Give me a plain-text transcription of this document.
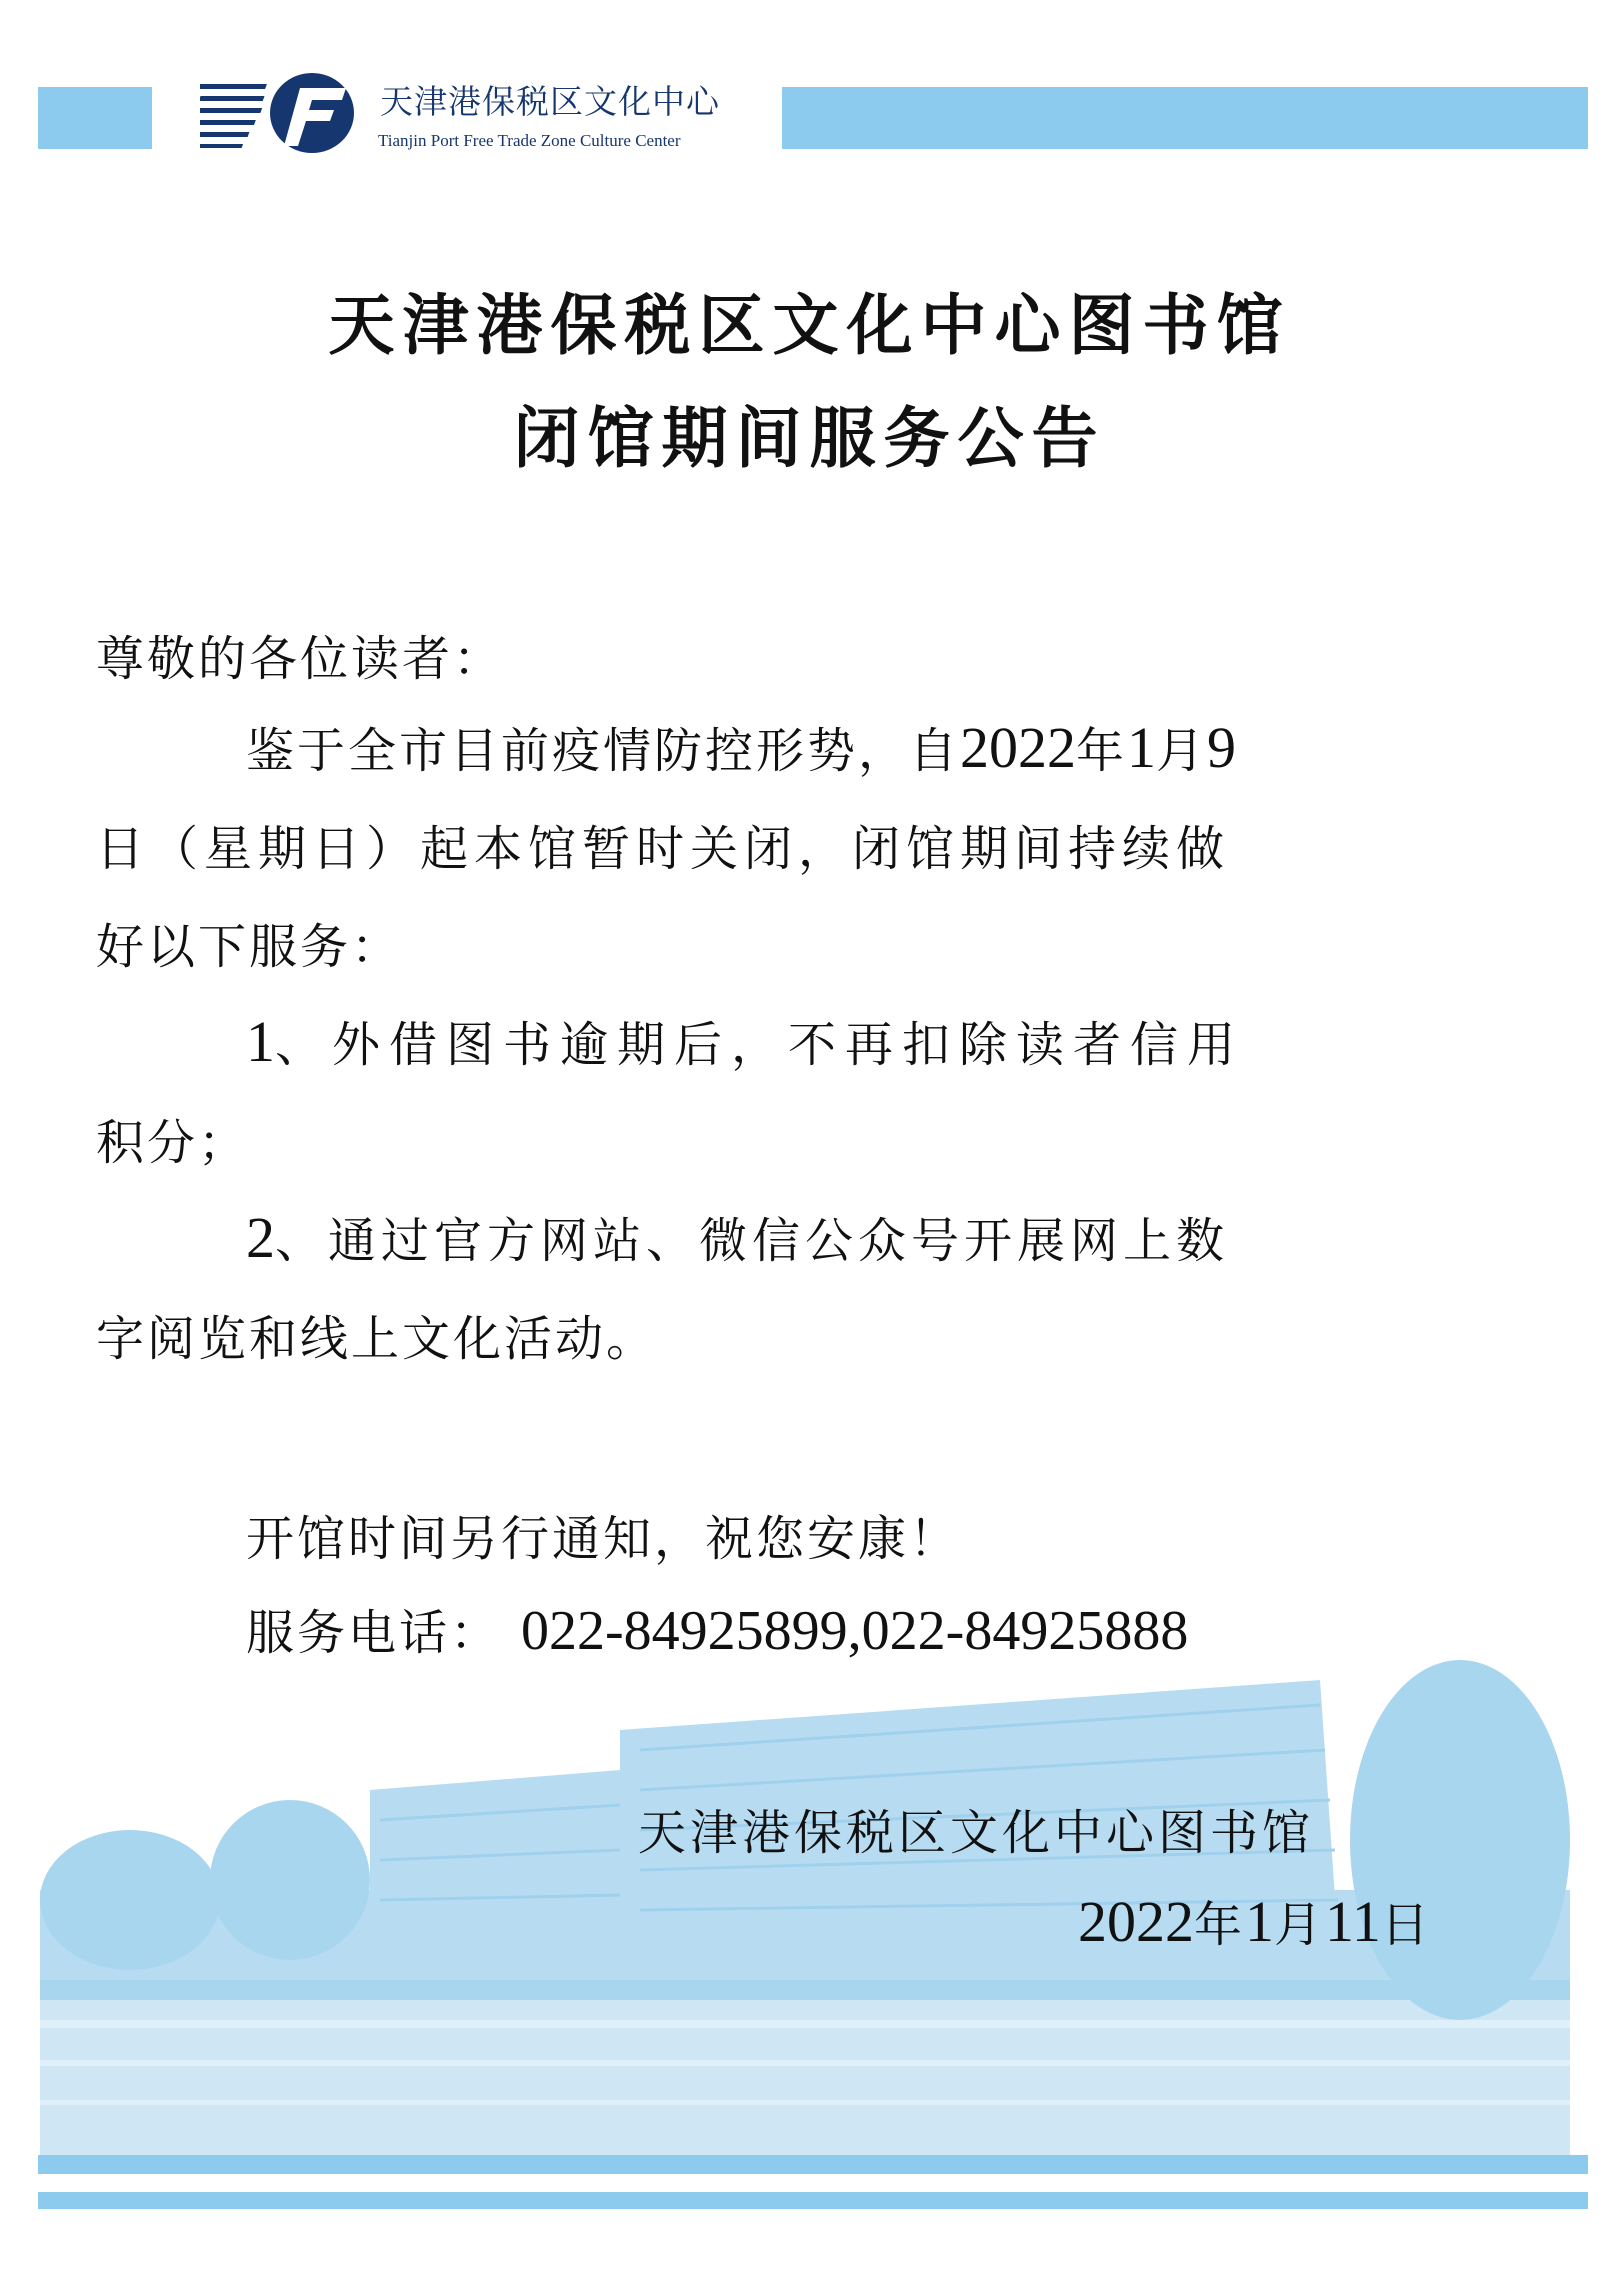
天津港保税区文化中心
Tianjin Port Free Trade Zone Culture Center
天津港保税区文化中心图书馆
闭馆期间服务公告
尊敬的各位读者：
鉴于全市目前疫情防控形势，自2022年1月9
日（星期日）起本馆暂时关闭，闭馆期间持续做
好以下服务：
1、外借图书逾期后，不再扣除读者信用
积分；
2、通过官方网站、微信公众号开展网上数
字阅览和线上文化活动。
开馆时间另行通知，祝您安康！
服务电话： 022-84925899,022-84925888
天津港保税区文化中心图书馆
2022年1月11日
